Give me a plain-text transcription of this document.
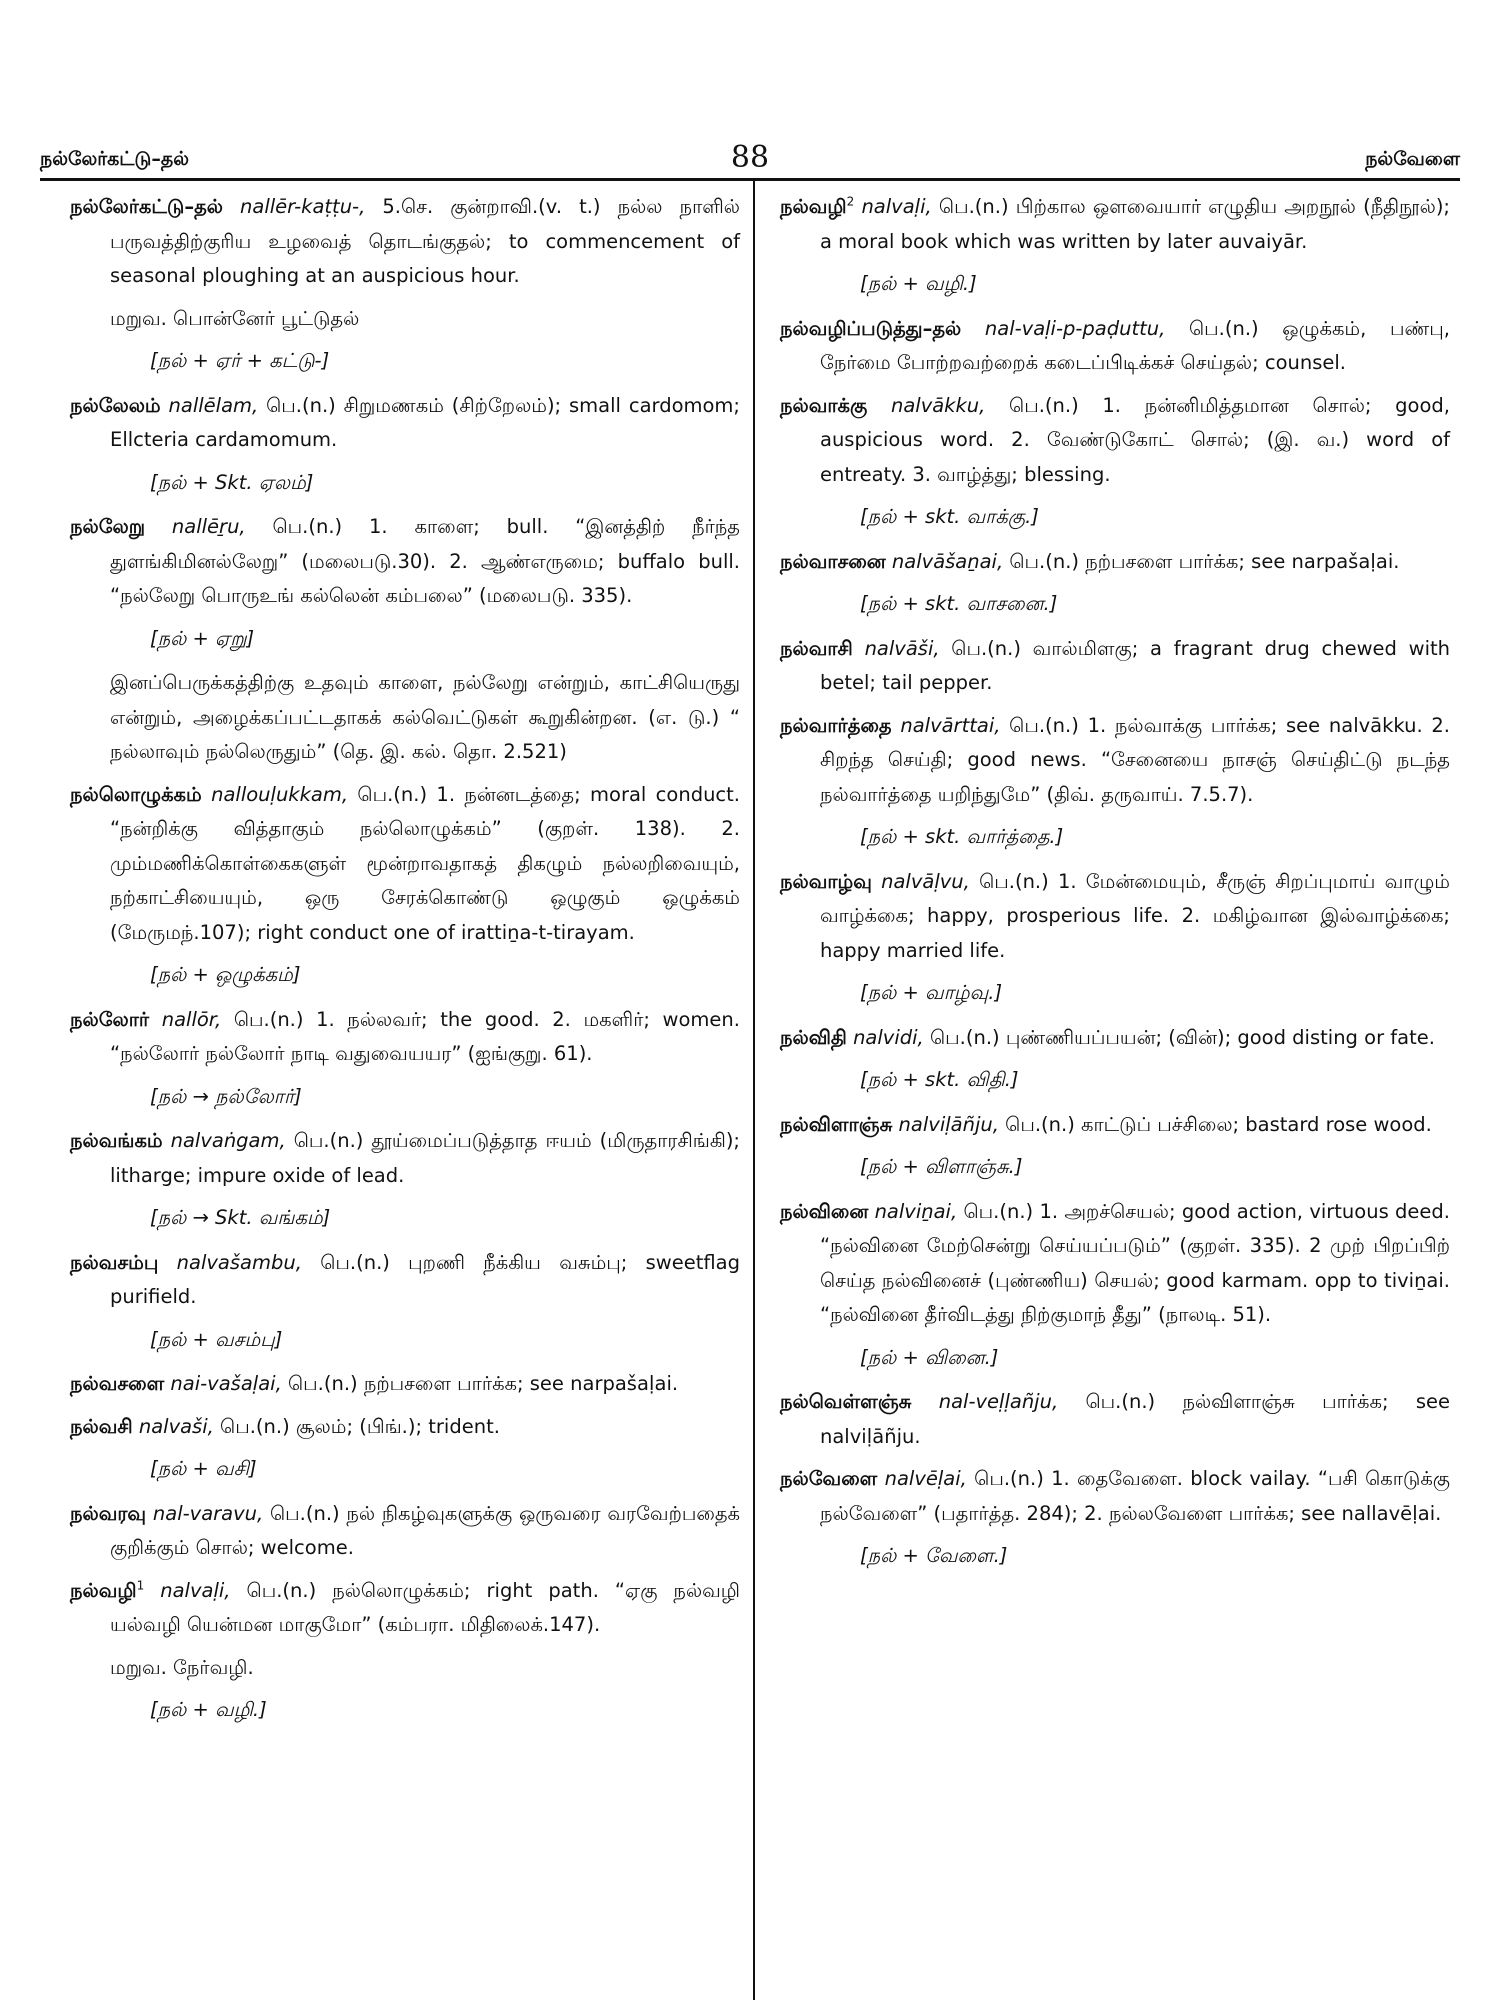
நல்லேர்கட்டு–தல்	88	நல்வேளை

நல்லேர்கட்டு–தல் nallēr-kaṭṭu-, 5.செ. குன்றாவி.(v. t.) நல்ல நாளில் பருவத்திற்குரிய உழவைத் தொடங்குதல்; to commencement of seasonal ploughing at an auspicious hour.

மறுவ. பொன்னேர் பூட்டுதல்

[நல் + ஏர் + கட்டு-]

நல்லேலம் nallēlam, பெ.(n.) சிறுமணகம் (சிற்றேலம்); small cardomom; Ellcteria cardamomum.

[நல் + Skt. ஏலம்]

நல்லேறு nallēṟu, பெ.(n.) 1. காளை; bull. “இனத்திற் நீர்ந்த துளங்கிமினல்லேறு” (மலைபடு.30). 2. ஆண்எருமை; buffalo bull. “நல்லேறு பொருஉங் கல்லென் கம்பலை” (மலைபடு. 335).

[நல் + ஏறு]

இனப்பெருக்கத்திற்கு உதவும் காளை, நல்லேறு என்றும், காட்சியெருது என்றும், அழைக்கப்பட்டதாகக் கல்வெட்டுகள் கூறுகின்றன. (எ. டு.) “ நல்லாவும் நல்லெருதும்” (தெ. இ. கல். தொ. 2.521)

நல்லொழுக்கம் nallouḷukkam, பெ.(n.) 1. நன்னடத்தை; moral conduct. “நன்றிக்கு வித்தாகும் நல்லொழுக்கம்” (குறள். 138). 2. மும்மணிக்கொள்கைகளுள் மூன்றாவதாகத் திகழும் நல்லறிவையும், நற்காட்சியையும், ஒரு சேரக்கொண்டு ஒழுகும் ஒழுக்கம் (மேருமந்.107); right conduct one of irattiṉa-t-tirayam.

[நல் + ஒழுக்கம்]

நல்லோர் nallōr, பெ.(n.) 1. நல்லவர்; the good. 2. மகளிர்; women. “நல்லோர் நல்லோர் நாடி வதுவையயர” (ஐங்குறு. 61).

[நல் → நல்லோர்]

நல்வங்கம் nalvaṅgam, பெ.(n.) தூய்மைப்படுத்தாத ஈயம் (மிருதாரசிங்கி); litharge; impure oxide of lead.

[நல் → Skt. வங்கம்]

நல்வசம்பு nalvašambu, பெ.(n.) புறணி நீக்கிய வசும்பு; sweetflag purifield.

[நல் + வசம்பு]

நல்வசளை nai-vašaḷai, பெ.(n.) நற்பசளை பார்க்க; see narpašaḷai.

நல்வசி nalvaši, பெ.(n.) சூலம்; (பிங்.); trident.

[நல் + வசி]

நல்வரவு nal-varavu, பெ.(n.) நல் நிகழ்வுகளுக்கு ஒருவரை வரவேற்பதைக் குறிக்கும் சொல்; welcome.

நல்வழி$^1$ nalvaḷi, பெ.(n.) நல்லொழுக்கம்; right path. “ஏகு நல்வழி யல்வழி யென்மன மாகுமோ” (கம்பரா. மிதிலைக்.147).

மறுவ. நேர்வழி.

[நல் + வழி.]

நல்வழி$^2$ nalvaḷi, பெ.(n.) பிற்கால ஒளவையார் எழுதிய அறநூல் (நீதிநூல்); a moral book which was written by later auvaiyār.

[நல் + வழி.]

நல்வழிப்படுத்து–தல் nal-vaḷi-p-paḍuttu, பெ.(n.) ஒழுக்கம், பண்பு, நேர்மை போற்றவற்றைக் கடைப்பிடிக்கச் செய்தல்; counsel.

நல்வாக்கு nalvākku, பெ.(n.) 1. நன்னிமித்தமான சொல்; good, auspicious word. 2. வேண்டுகோட் சொல்; (இ. வ.) word of entreaty. 3. வாழ்த்து; blessing.

[நல் + skt. வாக்கு.]

நல்வாசனை nalvāšaṉai, பெ.(n.) நற்பசளை பார்க்க; see narpašaḷai.

[நல் + skt. வாசனை.]

நல்வாசி nalvāši, பெ.(n.) வால்மிளகு; a fragrant drug chewed with betel; tail pepper.

நல்வார்த்தை nalvārttai, பெ.(n.) 1. நல்வாக்கு பார்க்க; see nalvākku. 2. சிறந்த செய்தி; good news. “சேனையை நாசஞ் செய்திட்டு நடந்த நல்வார்த்தை யறிந்துமே” (திவ். தருவாய். 7.5.7).

[நல் + skt. வார்த்தை.]

நல்வாழ்வு nalvāḷvu, பெ.(n.) 1. மேன்மையும், சீருஞ் சிறப்புமாய் வாழும் வாழ்க்கை; happy, prosperious life. 2. மகிழ்வான இல்வாழ்க்கை; happy married life.

[நல் + வாழ்வு.]

நல்விதி nalvidi, பெ.(n.) புண்ணியப்பயன்; (வின்); good disting or fate.

[நல் + skt. விதி.]

நல்விளாஞ்சு nalviḷāñju, பெ.(n.) காட்டுப் பச்சிலை; bastard rose wood.

[நல் + விளாஞ்சு.]

நல்வினை nalviṉai, பெ.(n.) 1. அறச்செயல்; good action, virtuous deed. “நல்வினை மேற்சென்று செய்யப்படும்” (குறள். 335). 2 முற் பிறப்பிற் செய்த நல்வினைச் (புண்ணிய) செயல்; good karmam. opp to tiviṉai. “நல்வினை தீர்விடத்து நிற்குமாந் தீது” (நாலடி. 51).

[நல் + வினை.]

நல்வெள்ளஞ்சு nal-veḷḷañju, பெ.(n.) நல்விளாஞ்சு பார்க்க; see nalviḷāñju.

நல்வேளை nalvēḷai, பெ.(n.) 1. தைவேளை. block vailay. “பசி கொடுக்கு நல்வேளை” (பதார்த்த. 284); 2. நல்லவேளை பார்க்க; see nallavēḷai.

[நல் + வேளை.]
